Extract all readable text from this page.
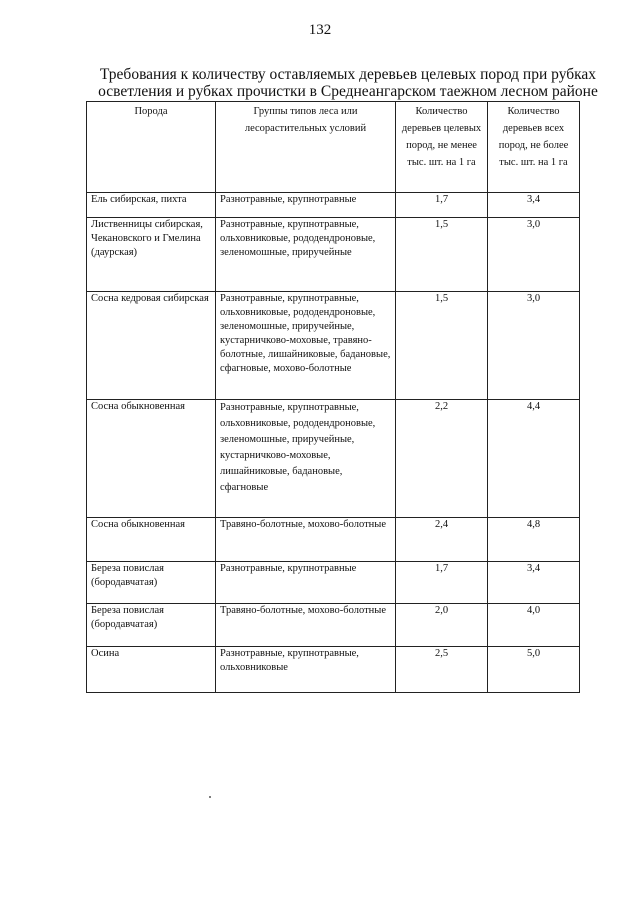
132
Требования к количеству оставляемых деревьев целевых пород при рубках
осветления и рубках прочистки в Среднеангарском таежном лесном районе
Порода	Группы типов леса или лесорастительных условий	Количество деревьев целевых пород, не менее тыс. шт. на 1 га	Количество деревьев всех пород, не более тыс. шт. на 1 га
Ель сибирская, пихта	Разнотравные, крупнотравные	1,7	3,4
Лиственницы сибирская, Чекановского и Гмелина (даурская)	Разнотравные, крупнотравные, ольховниковые, рододендроновые, зеленомошные, приручейные	1,5	3,0
Сосна кедровая сибирская	Разнотравные, крупнотравные, ольховниковые, рододендроновые, зеленомошные, приручейные, кустарничково-моховые, травяно-болотные, лишайниковые, бадановые, сфагновые, мохово-болотные	1,5	3,0
Сосна обыкновенная	Разнотравные, крупнотравные, ольховниковые, рододендроновые, зеленомошные, приручейные, кустарничково-моховые, лишайниковые, бадановые, сфагновые	2,2	4,4
Сосна обыкновенная	Травяно-болотные, мохово-болотные	2,4	4,8
Береза повислая (бородавчатая)	Разнотравные, крупнотравные	1,7	3,4
Береза повислая (бородавчатая)	Травяно-болотные, мохово-болотные	2,0	4,0
Осина	Разнотравные, крупнотравные, ольховниковые	2,5	5,0
